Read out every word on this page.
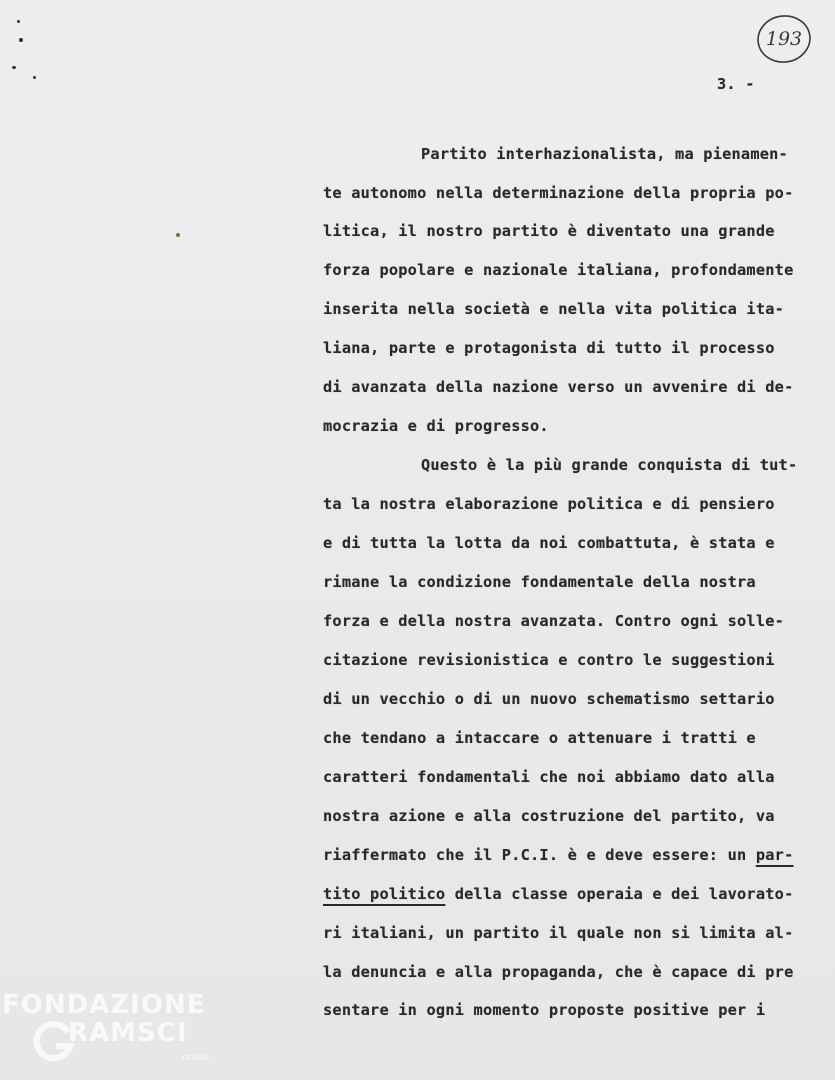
193
3. -
Partito interhazionalista, ma pienamen-
te autonomo nella determinazione della propria po-
litica, il nostro partito è diventato una grande
forza popolare e nazionale italiana, profondamente
inserita nella società e nella vita politica ita-
liana, parte e protagonista di tutto il processo
di avanzata della nazione verso un avvenire di de-
mocrazia e di progresso.
Questo è la più grande conquista di tut-
ta la nostra elaborazione politica e di pensiero
e di tutta la lotta da noi combattuta, è stata e
rimane la condizione fondamentale della nostra
forza e della nostra avanzata. Contro ogni solle-
citazione revisionistica e contro le suggestioni
di un vecchio o di un nuovo schematismo settario
che tendano a intaccare o attenuare i tratti e
caratteri fondamentali che noi abbiamo dato alla
nostra azione e alla costruzione del partito, va
riaffermato che il P.C.I. è e deve essere: un par-
tito politico della classe operaia e dei lavorato-
ri italiani, un partito il quale non si limita al-
la denuncia e alla propaganda, che è capace di pre
sentare in ogni momento proposte positive per i
FONDAZIONE
RAMSCI
onlus
